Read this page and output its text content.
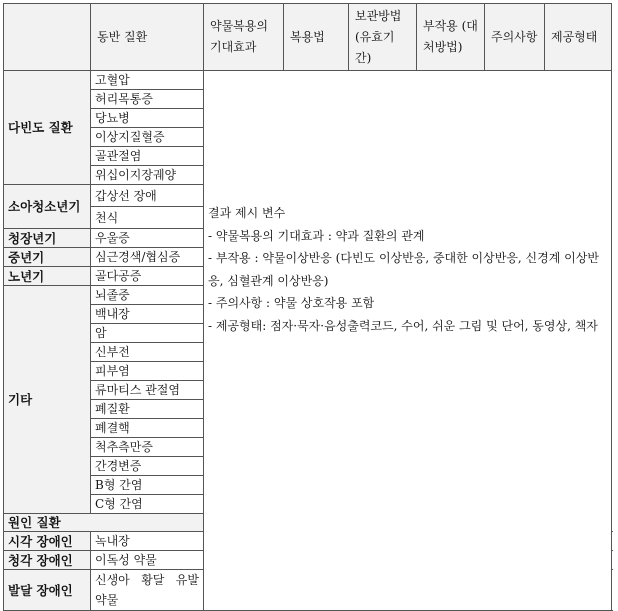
	동반 질환	약물복용의 기대효과	복용법	보관방법 (유효기간)	부작용 (대처방법)	주의사항	제공형태	
다빈도 질환	고혈압	결과 제시 변수
- 약물복용의 기대효과 : 약과 질환의 관계
- 부작용 : 약물이상반응 (다빈도 이상반응, 중대한 이상반응, 신경계 이상반응, 심혈관계 이상반응)
- 주의사항 : 약물 상호작용 포함
- 제공형태: 점자·묵자·음성출력코드, 수어, 쉬운 그림 및 단어, 동영상, 책자						

	허리목통증							
	당뇨병							
	이상지질혈증							
	골관절염							
	위십이지장궤양							
소아청소년기	갑상선 장애							
	천식							
청장년기	우울증							
중년기	심근경색/협심증							
노년기	골다공증							
기타	뇌졸중							
	백내장							
	암							
	신부전							
	피부염							
	류마티스 관절염							
	폐질환							
	폐결핵							
	척추측만증							
	간경변증							
	B형 간염							
	C형 간염							
원인 질환								
시각 장애인	녹내장							
청각 장애인	이독성 약물							
발달 장애인	신생아 황달 유발 약물							
